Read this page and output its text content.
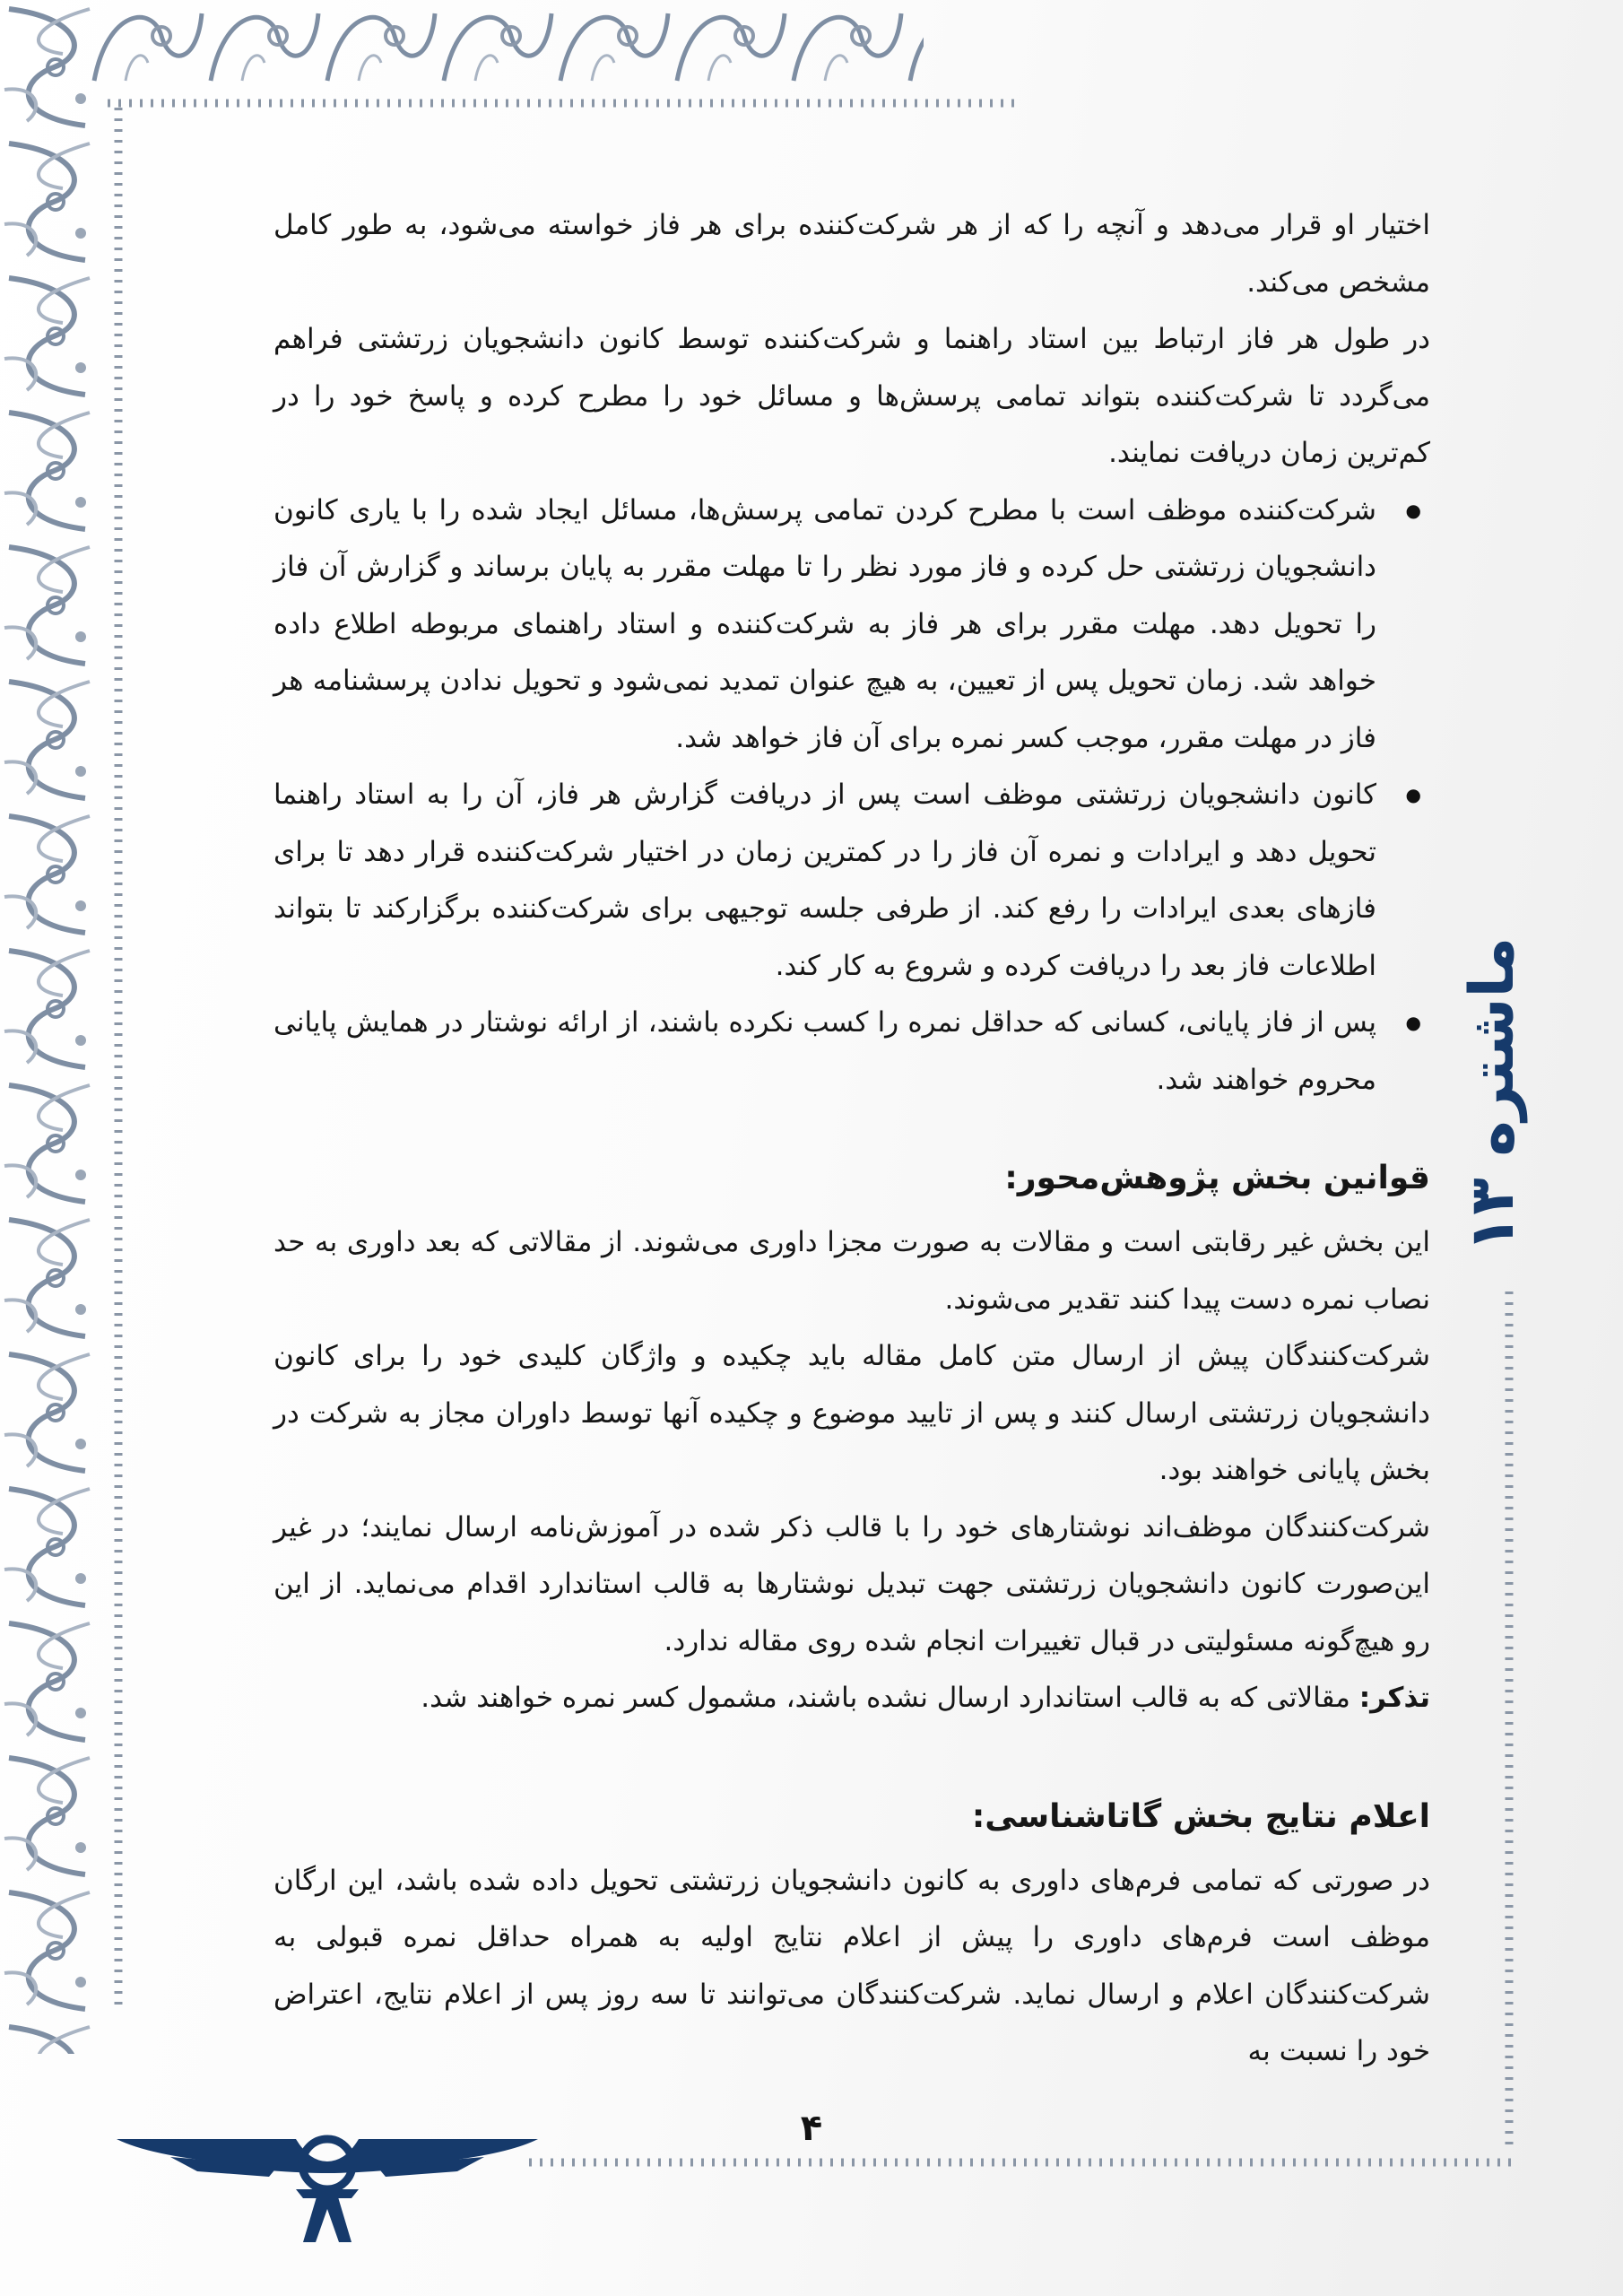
ماشتره ۱۳

اختیار او قرار می‌دهد و آنچه را که از هر شرکت‌کننده برای هر فاز خواسته می‌شود، به طور کامل مشخص می‌کند.

در طول هر فاز ارتباط بین استاد راهنما و شرکت‌کننده توسط کانون دانشجویان زرتشتی فراهم می‌گردد تا شرکت‌کننده بتواند تمامی پرسش‌ها و مسائل خود را مطرح کرده و پاسخ خود را در کم‌ترین زمان دریافت نمایند.

● شرکت‌کننده موظف است با مطرح کردن تمامی پرسش‌ها، مسائل ایجاد شده را با یاری کانون دانشجویان زرتشتی حل کرده و فاز مورد نظر را تا مهلت مقرر به پایان برساند و گزارش آن فاز را تحویل دهد. مهلت مقرر برای هر فاز به شرکت‌کننده و استاد راهنمای مربوطه اطلاع داده خواهد شد. زمان تحویل پس از تعیین، به هیچ عنوان تمدید نمی‌شود و تحویل ندادن پرسشنامه هر فاز در مهلت مقرر، موجب کسر نمره برای آن فاز خواهد شد.
● کانون دانشجویان زرتشتی موظف است پس از دریافت گزارش هر فاز، آن را به استاد راهنما تحویل دهد و ایرادات و نمره آن فاز را در کمترین زمان در اختیار شرکت‌کننده قرار دهد تا برای فازهای بعدی ایرادات را رفع کند. از طرفی جلسه توجیهی برای شرکت‌کننده برگزارکند تا بتواند اطلاعات فاز بعد را دریافت کرده و شروع به کار کند.
● پس از فاز پایانی، کسانی که حداقل نمره را کسب نکرده باشند، از ارائه نوشتار در همایش پایانی محروم خواهند شد.
قوانین بخش پژوهش‌محور:

این بخش غیر رقابتی است و مقالات به صورت مجزا داوری می‌شوند. از مقالاتی که بعد داوری به حد نصاب نمره دست پیدا کنند تقدیر می‌شوند.

شرکت‌کنندگان پیش از ارسال متن کامل مقاله باید چکیده و واژگان کلیدی خود را برای کانون دانشجویان زرتشتی ارسال کنند و پس از تایید موضوع و چکیده آنها توسط داوران مجاز به شرکت در بخش پایانی خواهند بود.

شرکت‌کنندگان موظف‌اند نوشتارهای خود را با قالب ذکر شده در آموزش‌نامه ارسال نمایند؛ در غیر این‌صورت کانون دانشجویان زرتشتی جهت تبدیل نوشتارها به قالب استاندارد اقدام می‌نماید. از این رو هیچ‌گونه مسئولیتی در قبال تغییرات انجام شده روی مقاله ندارد.

تذکر: مقالاتی که به قالب استاندارد ارسال نشده باشند، مشمول کسر نمره خواهند شد.

اعلام نتایج بخش گاتاشناسی:

در صورتی که تمامی فرم‌های داوری به کانون دانشجویان زرتشتی تحویل داده شده باشد، این ارگان موظف است فرم‌های داوری را پیش از اعلام نتایج اولیه به همراه حداقل نمره قبولی به شرکت‌کنندگان اعلام و ارسال نماید. شرکت‌کنندگان می‌توانند تا سه روز پس از اعلام نتایج، اعتراض خود را نسبت به

۴
